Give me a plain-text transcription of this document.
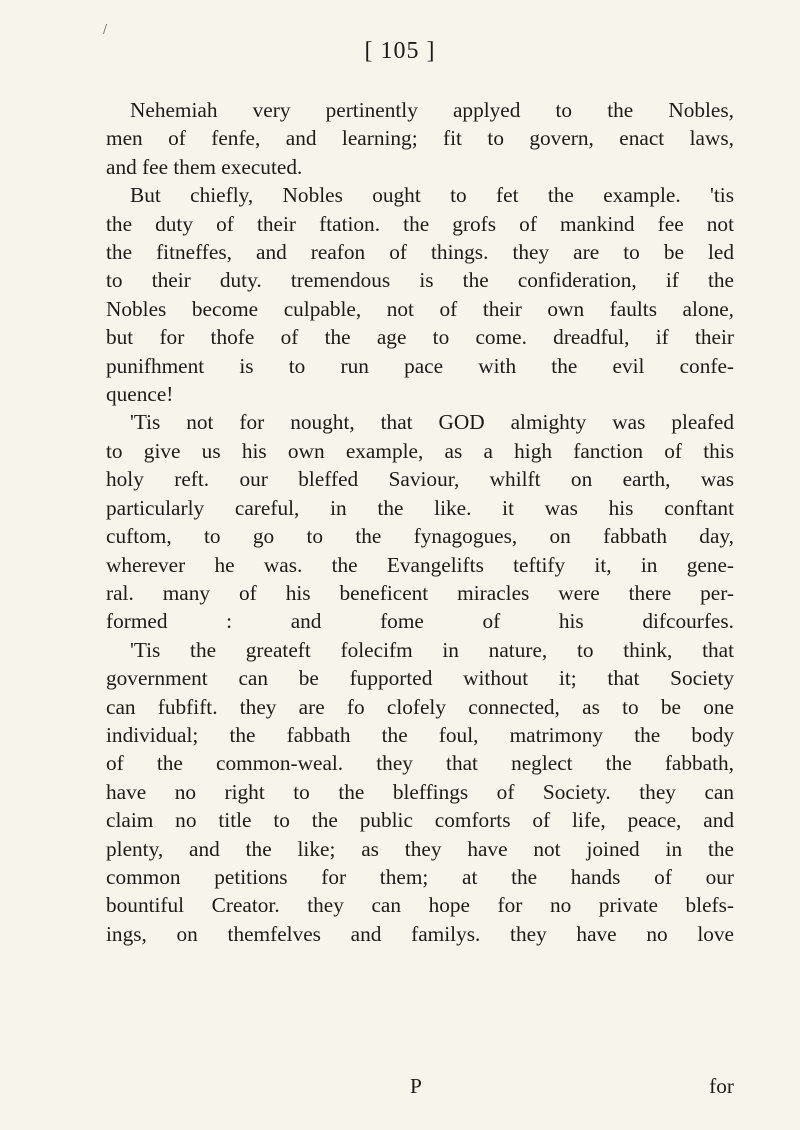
/
[ 105 ]

Nehemiah very pertinently applyed to the Nobles,
men of fenfe, and learning; fit to govern, enact laws,
and fee them executed.

But chiefly, Nobles ought to fet the example. 'tis
the duty of their ftation. the grofs of mankind fee not
the fitneffes, and reafon of things. they are to be led
to their duty. tremendous is the confideration, if the
Nobles become culpable, not of their own faults alone,
but for thofe of the age to come. dreadful, if their
punifhment is to run pace with the evil confe-
quence!

'Tis not for nought, that GOD almighty was pleafed
to give us his own example, as a high fanction of this
holy reft. our bleffed Saviour, whilft on earth, was
particularly careful, in the like. it was his conftant
cuftom, to go to the fynagogues, on fabbath day,
wherever he was. the Evangelifts teftify it, in gene-
ral. many of his beneficent miracles were there per-
formed : and fome of his difcourfes.

'Tis the greateft folecifm in nature, to think, that
government can be fupported without it; that Society
can fubfift. they are fo clofely connected, as to be one
individual; the fabbath the foul, matrimony the body
of the common-weal. they that neglect the fabbath,
have no right to the bleffings of Society. they can
claim no title to the public comforts of life, peace, and
plenty, and the like; as they have not joined in the
common petitions for them; at the hands of our
bountiful Creator. they can hope for no private blefs-
ings, on themfelves and familys. they have no love

P	for
